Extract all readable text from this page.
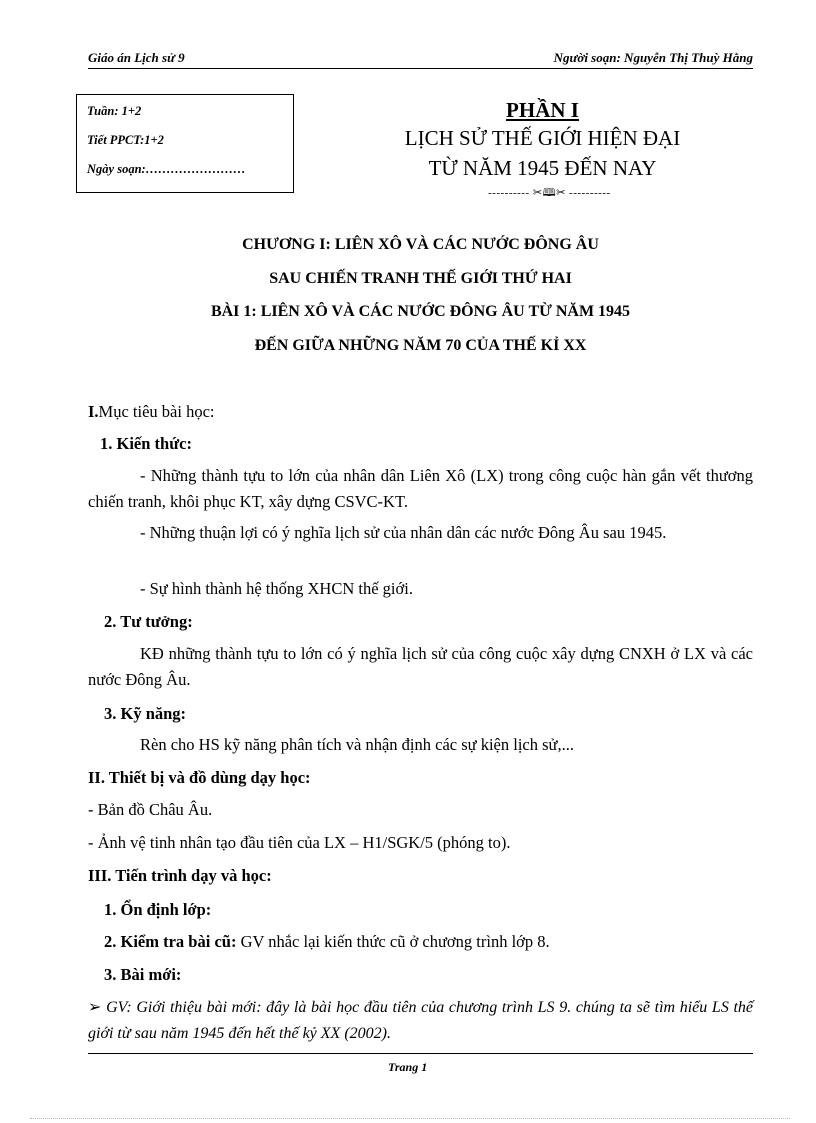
Giáo án Lịch sử 9	Người soạn: Nguyễn Thị Thuỳ Hằng
Tuần: 1+2
Tiết PPCT:1+2
Ngày soạn:……………………
PHẦN I
LỊCH SỬ THẾ GIỚI HIỆN ĐẠI
TỪ NĂM 1945 ĐẾN NAY
---------- ✂🕮✂ ----------
CHƯƠNG I: LIÊN XÔ VÀ CÁC NƯỚC ĐÔNG ÂU
SAU CHIẾN TRANH THẾ GIỚI THỨ HAI
BÀI 1: LIÊN XÔ VÀ CÁC NƯỚC ĐÔNG ÂU TỪ NĂM 1945
ĐẾN GIỮA NHỮNG NĂM 70 CỦA THẾ KỈ XX
I.Mục tiêu bài học:
1. Kiến thức:
- Những thành tựu to lớn của nhân dân Liên Xô (LX) trong công cuộc hàn gắn vết thương chiến tranh, khôi phục KT, xây dựng CSVC-KT.
- Những thuận lợi có ý nghĩa lịch sử của nhân dân các nước Đông Âu sau 1945.
- Sự hình thành hệ thống XHCN thế giới.
2. Tư tưởng:
KĐ những thành tựu to lớn có ý nghĩa lịch sử của công cuộc xây dựng CNXH ở LX và các nước Đông Âu.
3. Kỹ năng:
Rèn cho HS kỹ năng phân tích và nhận định các sự kiện lịch sử,...
II. Thiết bị và đồ dùng dạy học:
- Bản đồ Châu Âu.
- Ảnh vệ tinh nhân tạo đầu tiên của LX – H1/SGK/5 (phóng to).
III. Tiến trình dạy và học:
1. Ổn định lớp:
2. Kiểm tra bài cũ: GV nhắc lại kiến thức cũ ở chương trình lớp 8.
3. Bài mới:
➢ GV: Giới thiệu bài mới: đây là bài học đầu tiên của chương trình LS 9. chúng ta sẽ tìm hiểu LS thế giới từ sau năm 1945 đến hết thế kỷ XX (2002).
Trang 1
